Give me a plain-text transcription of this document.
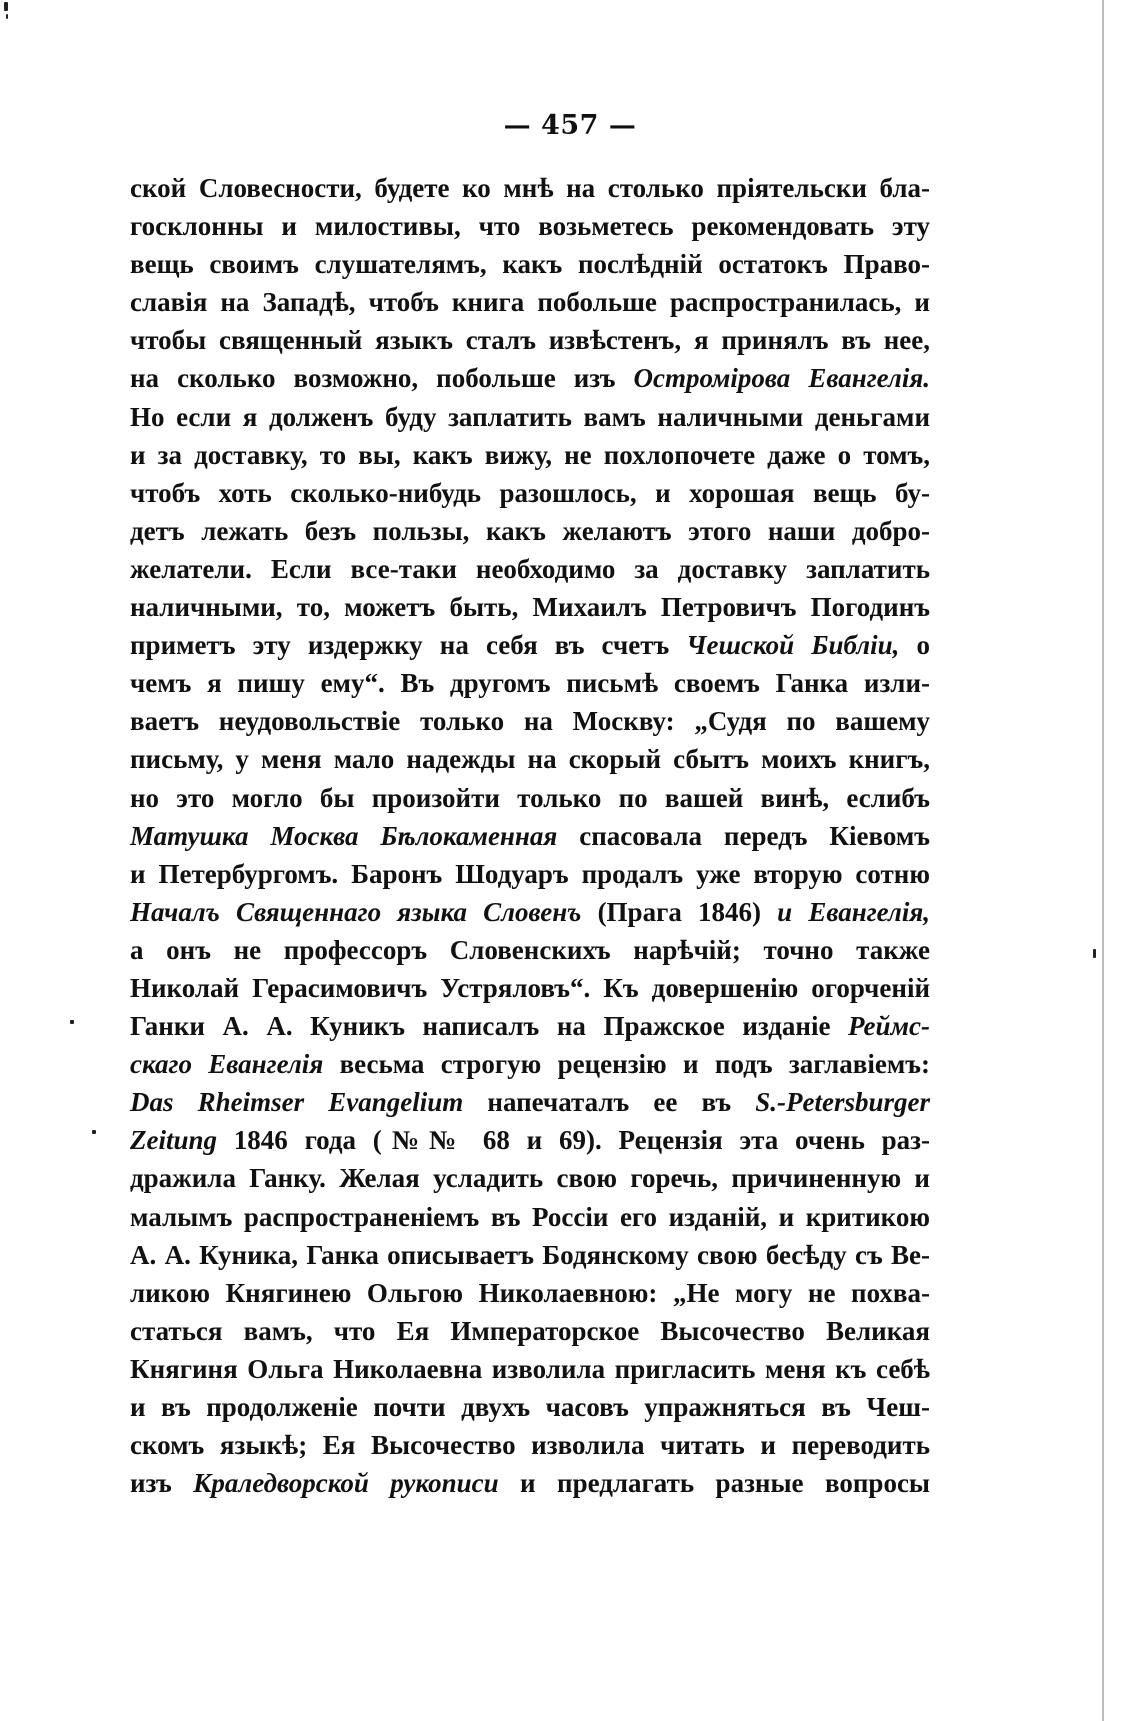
— 457 —
ской Словесности, будете ко мнѣ на столько пріятельски бла-
госклонны и милостивы, что возьметесь рекомендовать эту
вещь своимъ слушателямъ, какъ послѣдній остатокъ Право-
славія на Западѣ, чтобъ книга побольше распространилась, и
чтобы священный языкъ сталъ извѣстенъ, я принялъ въ нее,
на сколько возможно, побольше изъ Остромірова Евангелія.
Но если я долженъ буду заплатить вамъ наличными деньгами
и за доставку, то вы, какъ вижу, не похлопочете даже о томъ,
чтобъ хоть сколько-нибудь разошлось, и хорошая вещь бу-
детъ лежать безъ пользы, какъ желаютъ этого наши добро-
желатели. Если все-таки необходимо за доставку заплатить
наличными, то, можетъ быть, Михаилъ Петровичъ Погодинъ
приметъ эту издержку на себя въ счетъ Чешской Библіи, о
чемъ я пишу ему“. Въ другомъ письмѣ своемъ Ганка изли-
ваетъ неудовольствіе только на Москву: „Судя по вашему
письму, у меня мало надежды на скорый сбытъ моихъ книгъ,
но это могло бы произойти только по вашей винѣ, еслибъ
Матушка Москва Бѣлокаменная спасовала передъ Кіевомъ
и Петербургомъ. Баронъ Шодуаръ продалъ уже вторую сотню
Началъ Священнаго языка Словенъ (Прага 1846) и Евангелія,
а онъ не профессоръ Словенскихъ нарѣчій; точно также
Николай Герасимовичъ Устряловъ“. Къ довершенію огорченій
Ганки А. А. Куникъ написалъ на Пражское изданіе Реймс-
скаго Евангелія весьма строгую рецензію и подъ заглавіемъ:
Das Rheimser Evangelium напечаталъ ее въ S.-Petersburger
Zeitung 1846 года (№№ 68 и 69). Рецензія эта очень раз-
дражила Ганку. Желая усладить свою горечь, причиненную и
малымъ распространеніемъ въ Россіи его изданій, и критикою
А. А. Куника, Ганка описываетъ Бодянскому свою бесѣду съ Ве-
ликою Княгинею Ольгою Николаевною: „Не могу не похва-
статься вамъ, что Ея Императорское Высочество Великая
Княгиня Ольга Николаевна изволила пригласить меня къ себѣ
и въ продолженіе почти двухъ часовъ упражняться въ Чеш-
скомъ языкѣ; Ея Высочество изволила читать и переводить
изъ Краледворской рукописи и предлагать разные вопросы
